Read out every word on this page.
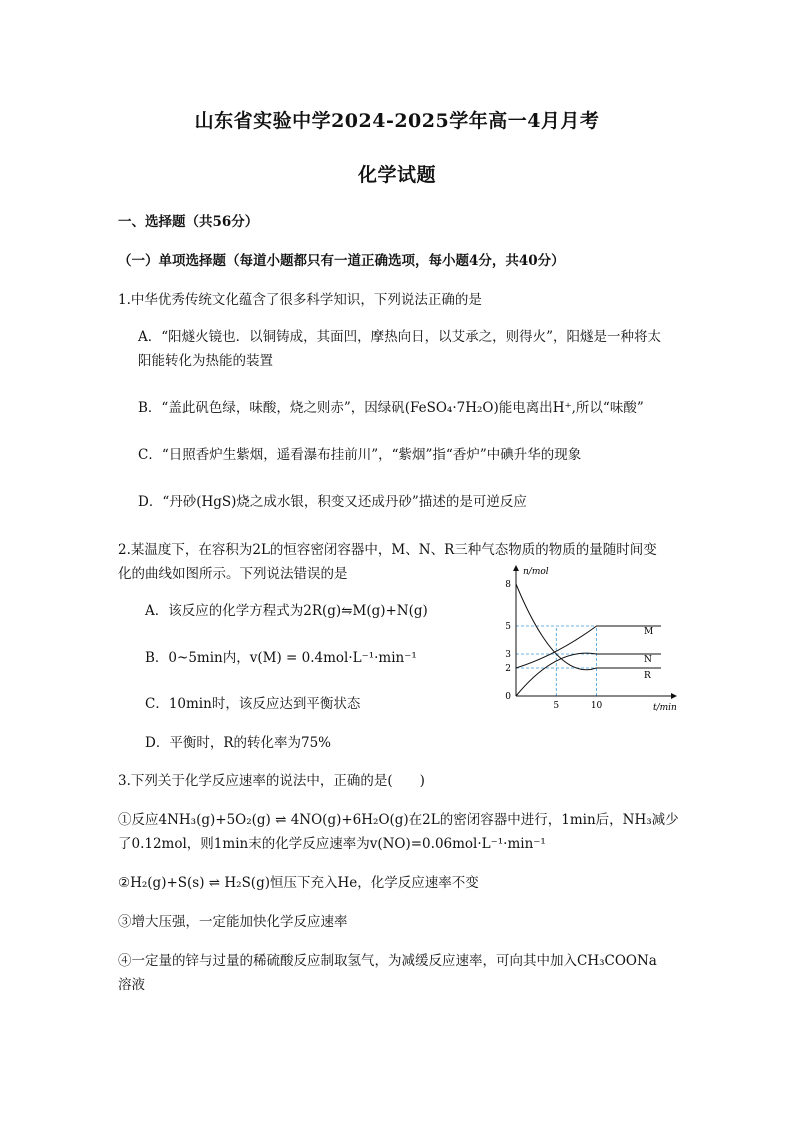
山东省实验中学2024-2025学年高一4月月考
化学试题
一、选择题（共56分）
（一）单项选择题（每道小题都只有一道正确选项，每小题4分，共40分）
1.中华优秀传统文化蕴含了很多科学知识，下列说法正确的是
A．“阳燧火镜也．以铜铸成，其面凹，摩热向日，以艾承之，则得火”，阳燧是一种将太
阳能转化为热能的装置
B．“盖此矾色绿，味酸，烧之则赤”，因绿矾(FeSO₄·7H₂O)能电离出H⁺,所以“味酸”
C．“日照香炉生紫烟，遥看瀑布挂前川”，“紫烟”指“香炉”中碘升华的现象
D．“丹砂(HgS)烧之成水银，积变又还成丹砂”描述的是可逆反应
2.某温度下，在容积为2L的恒容密闭容器中，M、N、R三种气态物质的物质的量随时间变
化的曲线如图所示。下列说法错误的是
A．该反应的化学方程式为2R(g)⇋M(g)+N(g)
B．0~5min内，v(M) = 0.4mol·L⁻¹·min⁻¹
C．10min时，该反应达到平衡状态
D．平衡时，R的转化率为75%
n/mol
t/min
0
2
3
5
8
5	10
M
N
R
3.下列关于化学反应速率的说法中，正确的是(　　)
①反应4NH₃(g)+5O₂(g) ⇌ 4NO(g)+6H₂O(g)在2L的密闭容器中进行，1min后，NH₃减少
了0.12mol，则1min末的化学反应速率为v(NO)=0.06mol·L⁻¹·min⁻¹
②H₂(g)+S(s) ⇌ H₂S(g)恒压下充入He，化学反应速率不变
③增大压强，一定能加快化学反应速率
④一定量的锌与过量的稀硫酸反应制取氢气，为减缓反应速率，可向其中加入CH₃COONa
溶液
